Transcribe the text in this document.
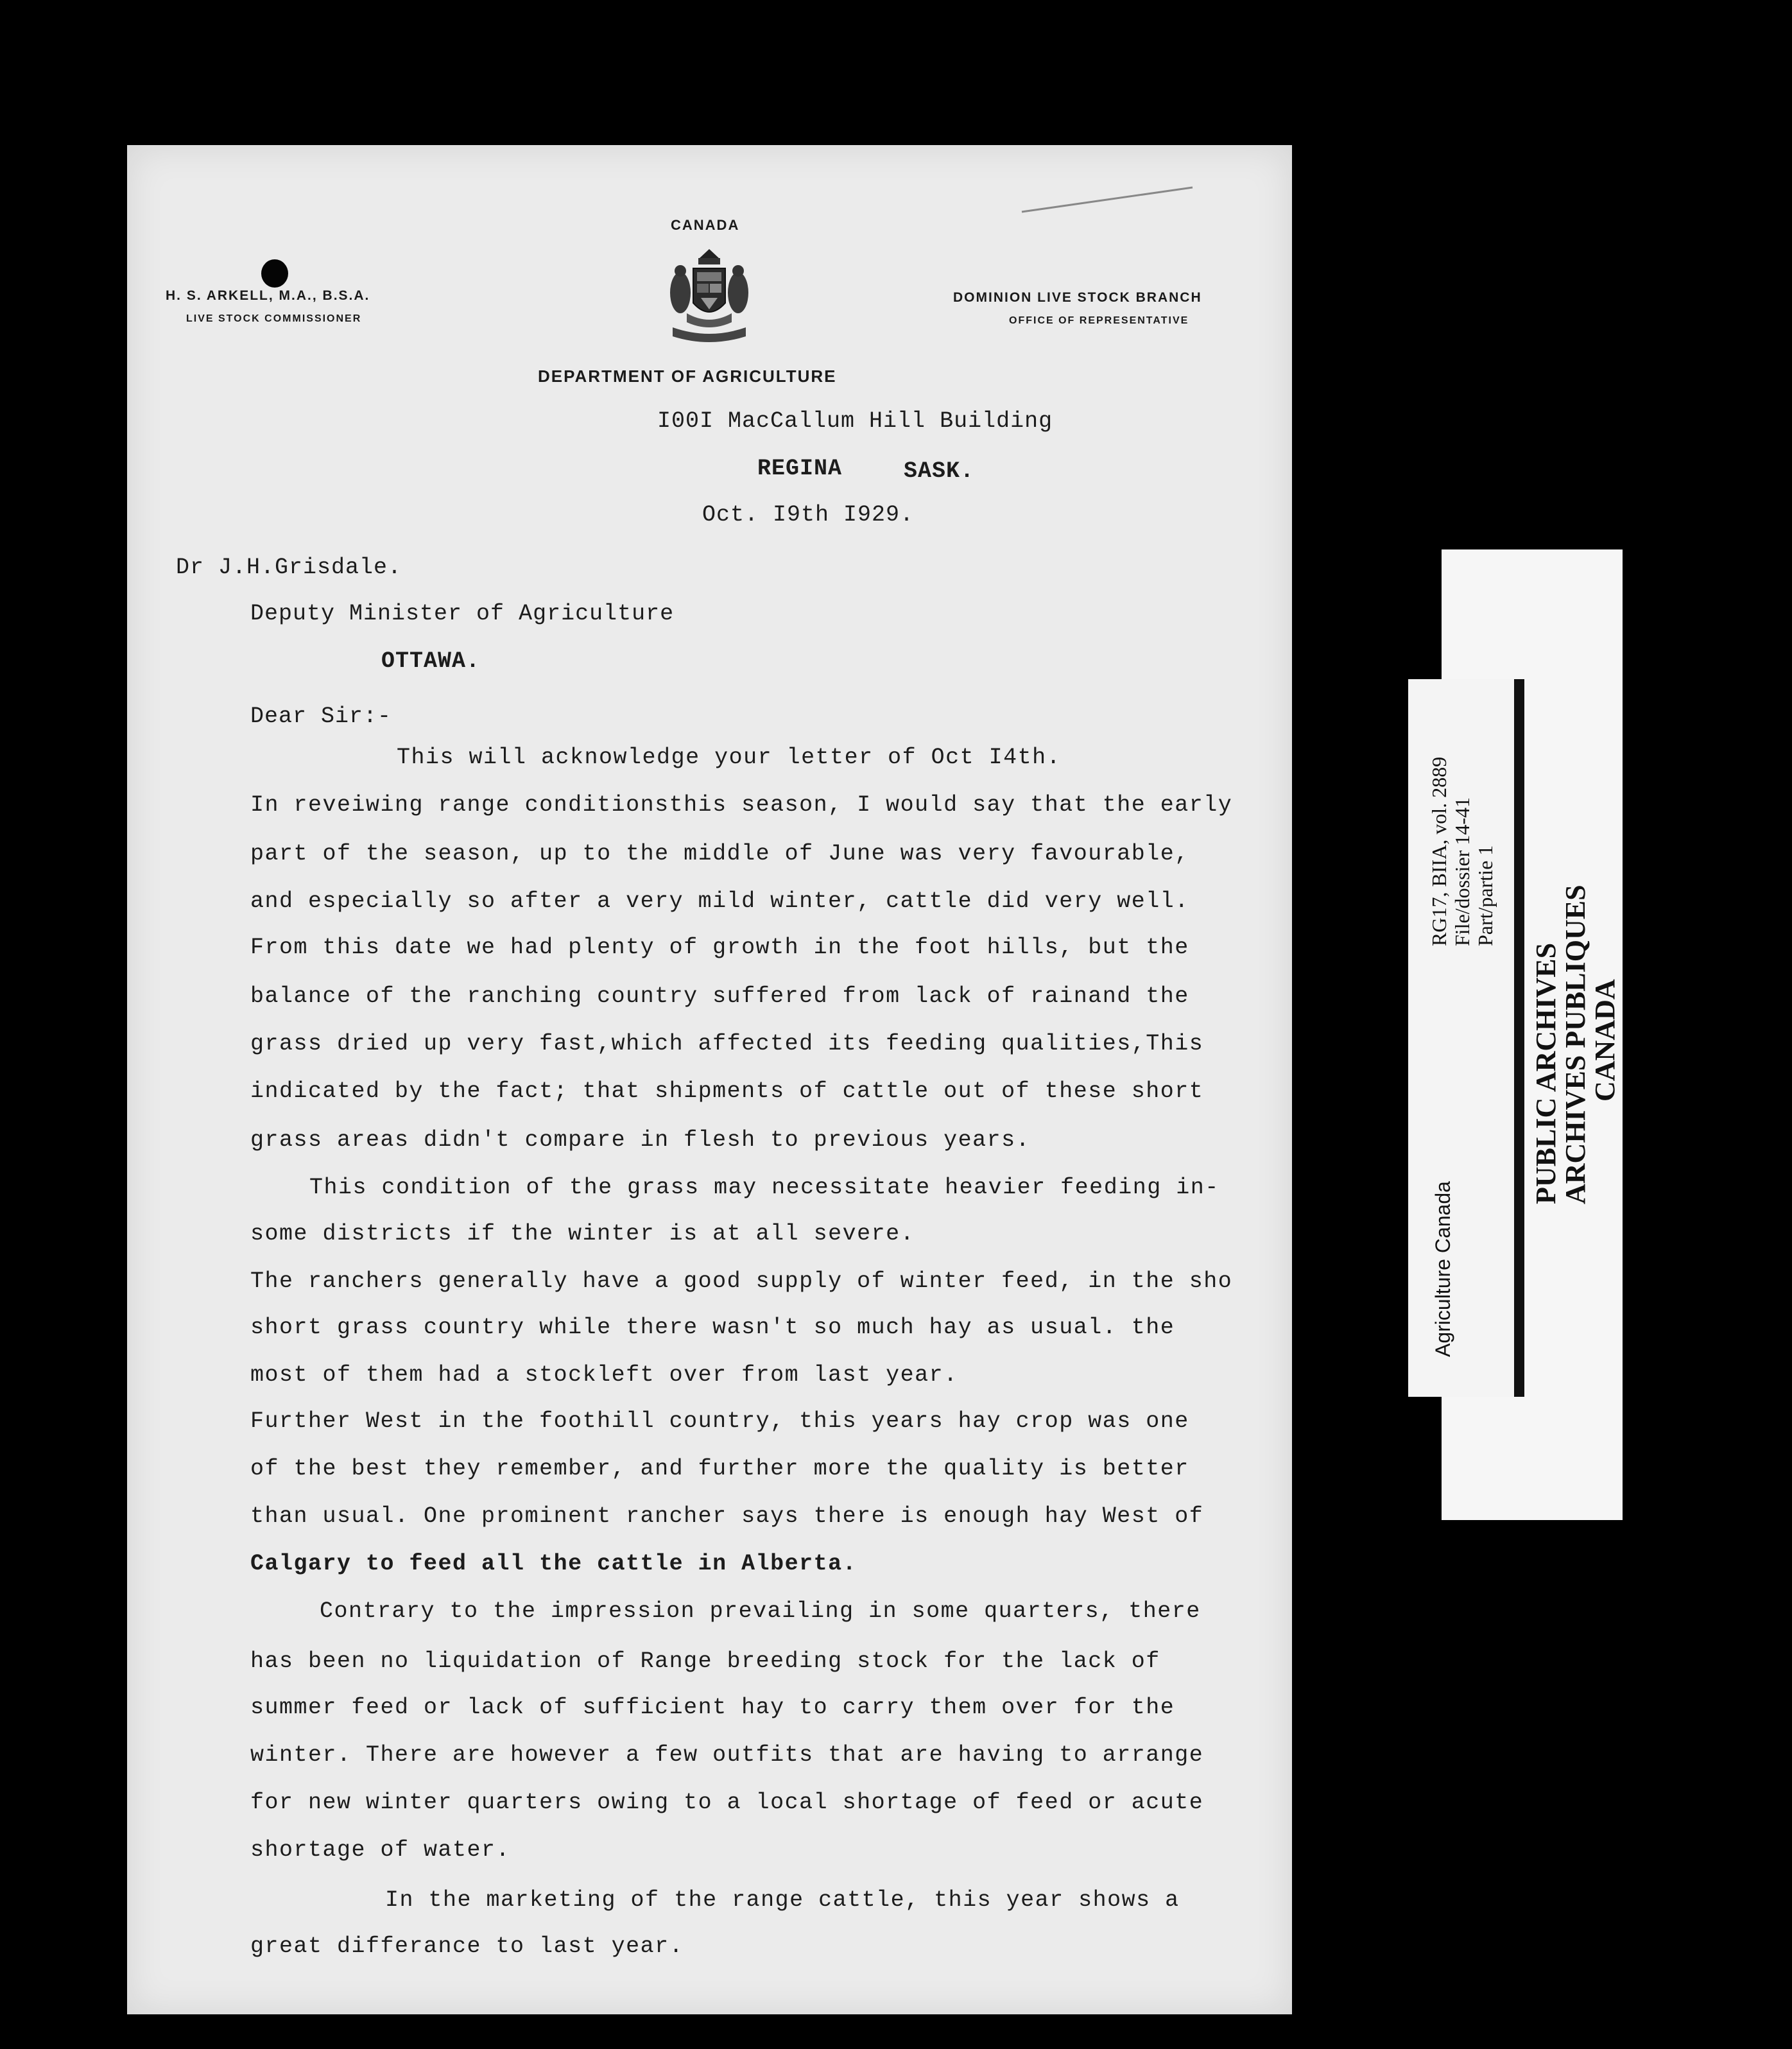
CANADA
H. S. ARKELL, M.A., B.S.A.
LIVE STOCK COMMISSIONER
DOMINION LIVE STOCK BRANCH
OFFICE OF REPRESENTATIVE
DEPARTMENT OF AGRICULTURE
I00I MacCallum Hill Building
REGINA	SASK.
Oct. I9th I929.
Dr J.H.Grisdale.
Deputy Minister of Agriculture
OTTAWA.
Dear Sir:-
This will acknowledge your letter of Oct I4th.
In reveiwing range conditionsthis season, I would say that the early
part of the season, up to the middle of June was very favourable,
and especially so after a very mild winter, cattle did very well.
From this date we had plenty of growth in the foot hills, but the
balance of the ranching country suffered from lack of rainand the
grass dried up very fast,which affected its feeding qualities,This
indicated by the fact; that shipments of cattle out of these short
grass areas didn't compare in flesh to previous years.
This condition of the grass may necessitate heavier feeding in-
some districts if the winter is at all severe.
The ranchers generally have a good supply of winter feed, in the sho
short grass country while there wasn't so much hay as usual. the
most of them had a stockleft over from last year.
Further West in the foothill country, this years hay crop was one
of the best they remember, and further more the quality is better
than usual. One prominent rancher says there is enough hay West of
Calgary to feed all the cattle in Alberta.
Contrary to the impression prevailing in some quarters, there
has been no liquidation of Range breeding stock for the lack of
summer feed or lack of sufficient hay to carry them over for the
winter. There are however a few outfits that are having to arrange
for new winter quarters owing to a local shortage of feed or acute
shortage of water.
In the marketing of the range cattle, this year shows a
great differance to last year.
PUBLIC ARCHIVES
ARCHIVES PUBLIQUES
CANADA
RG17, BIIA, vol. 2889 File/dossier 14-41 Part/partie 1
Agriculture Canada
